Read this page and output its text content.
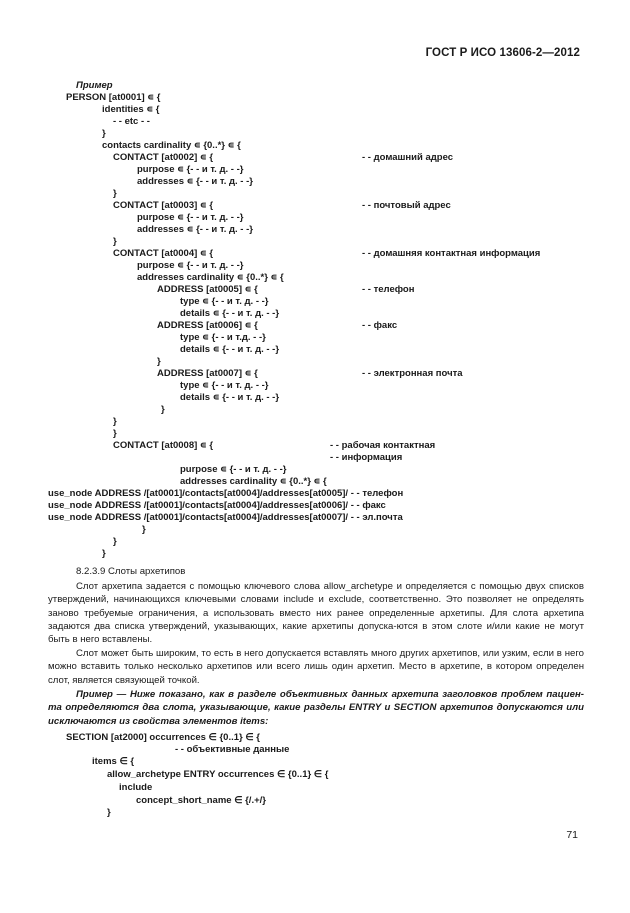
ГОСТ Р ИСО 13606-2—2012
Пример
PERSON [at0001] ∊ {
identities ∊ {
- - etc - -
}
contacts cardinality ∊ {0..*} ∊ {
CONTACT [at0002] ∊ {	- - домашний адрес
purpose ∊ {- - и т. д. - -}
addresses ∊ {- - и т. д. - -}
}
CONTACT [at0003] ∊ {	- - почтовый адрес
purpose ∊ {- - и т. д. - -}
addresses ∊ {- - и т. д. - -}
}
CONTACT [at0004] ∊ {	- - домашняя контактная информация
purpose ∊ {- - и т. д. - -}
addresses cardinality ∊ {0..*} ∊ {
ADDRESS [at0005] ∊ {	- - телефон
type ∊ {- - и т. д. - -}
details ∊ {- - и т. д. - -}
ADDRESS [at0006] ∊ {	- - факс
type ∊ {- - и т.д. - -}
details ∊ {- - и т. д. - -}
}
ADDRESS [at0007] ∊ {	- - электронная почта
type ∊ {- - и т. д. - -}
details ∊ {- - и т. д. - -}
}
}
}
CONTACT [at0008] ∊ {	- - рабочая контактная
- - информация
purpose ∊ {- - и т. д. - -}
addresses cardinality ∊ {0..*} ∊ {
use_node ADDRESS /[at0001]/contacts[at0004]/addresses[at0005]/ - - телефон
use_node ADDRESS /[at0001]/contacts[at0004]/addresses[at0006]/ - - факс
use_node ADDRESS /[at0001]/contacts[at0004]/addresses[at0007]/ - - эл.почта
}
}
}
8.2.3.9 Слоты архетипов
Слот архетипа задается с помощью ключевого слова allow_archetype и определяется с помощью двух списков утверждений, начинающихся ключевыми словами include и exclude, соответственно. Это позволяет не определять заново требуемые ограничения, а использовать вместо них ранее определенные архетипы. Для слота архетипа задаются два списка утверждений, указывающих, какие архетипы допуска-ются в этом слоте и/или какие не могут быть в него вставлены.
Слот может быть широким, то есть в него допускается вставлять много других архетипов, или узким, если в него можно вставить только несколько архетипов или всего лишь один архетип. Место в архетипе, в котором определен слот, является связующей точкой.
Пример — Ниже показано, как в разделе объективных данных архетипа заголовков проблем пациен-та определяются два слота, указывающие, какие разделы ENTRY и SECTION архетипов допускаются или исключаются из свойства элементов items:
SECTION [at2000] occurrences ∈ {0..1} ∈ {
- - объективные данные
items ∈ {
allow_archetype ENTRY occurrences ∈ {0..1} ∈ {
include
concept_short_name ∈ {/.+/}
}
71
